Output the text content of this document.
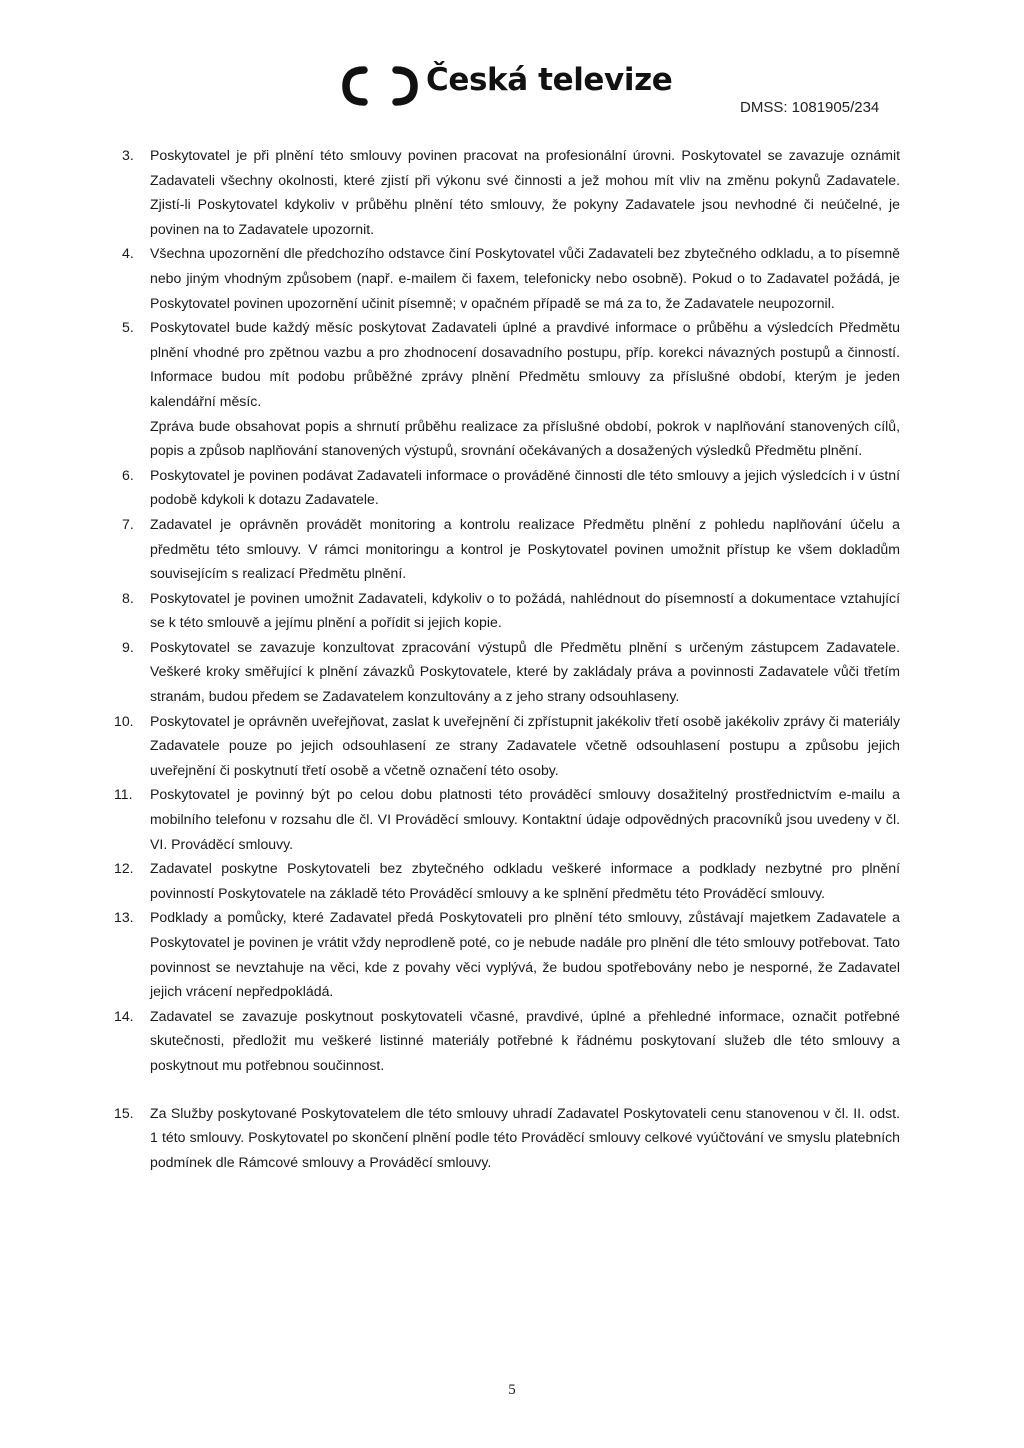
Česká televize
DMSS: 1081905/234
3. Poskytovatel je při plnění této smlouvy povinen pracovat na profesionální úrovni. Poskytovatel se zavazuje oznámit Zadavateli všechny okolnosti, které zjistí při výkonu své činnosti a jež mohou mít vliv na změnu pokynů Zadavatele. Zjistí-li Poskytovatel kdykoliv v průběhu plnění této smlouvy, že pokyny Zadavatele jsou nevhodné či neúčelné, je povinen na to Zadavatele upozornit.
4. Všechna upozornění dle předchozího odstavce činí Poskytovatel vůči Zadavateli bez zbytečného odkladu, a to písemně nebo jiným vhodným způsobem (např. e-mailem či faxem, telefonicky nebo osobně). Pokud o to Zadavatel požádá, je Poskytovatel povinen upozornění učinit písemně; v opačném případě se má za to, že Zadavatele neupozornil.
5. Poskytovatel bude každý měsíc poskytovat Zadavateli úplné a pravdivé informace o průběhu a výsledcích Předmětu plnění vhodné pro zpětnou vazbu a pro zhodnocení dosavadního postupu, příp. korekci návazných postupů a činností. Informace budou mít podobu průběžné zprávy plnění Předmětu smlouvy za příslušné období, kterým je jeden kalendářní měsíc.
Zpráva bude obsahovat popis a shrnutí průběhu realizace za příslušné období, pokrok v naplňování stanovených cílů, popis a způsob naplňování stanovených výstupů, srovnání očekávaných a dosažených výsledků Předmětu plnění.
6. Poskytovatel je povinen podávat Zadavateli informace o prováděné činnosti dle této smlouvy a jejich výsledcích i v ústní podobě kdykoli k dotazu Zadavatele.
7. Zadavatel je oprávněn provádět monitoring a kontrolu realizace Předmětu plnění z pohledu naplňování účelu a předmětu této smlouvy. V rámci monitoringu a kontrol je Poskytovatel povinen umožnit přístup ke všem dokladům souvisejícím s realizací Předmětu plnění.
8. Poskytovatel je povinen umožnit Zadavateli, kdykoliv o to požádá, nahlédnout do písemností a dokumentace vztahující se k této smlouvě a jejímu plnění a pořídit si jejich kopie.
9. Poskytovatel se zavazuje konzultovat zpracování výstupů dle Předmětu plnění s určeným zástupcem Zadavatele. Veškeré kroky směřující k plnění závazků Poskytovatele, které by zakládaly práva a povinnosti Zadavatele vůči třetím stranám, budou předem se Zadavatelem konzultovány a z jeho strany odsouhlaseny.
10. Poskytovatel je oprávněn uveřejňovat, zaslat k uveřejnění či zpřístupnit jakékoliv třetí osobě jakékoliv zprávy či materiály Zadavatele pouze po jejich odsouhlasení ze strany Zadavatele včetně odsouhlasení postupu a způsobu jejich uveřejnění či poskytnutí třetí osobě a včetně označení této osoby.
11. Poskytovatel je povinný být po celou dobu platnosti této prováděcí smlouvy dosažitelný prostřednictvím e-mailu a mobilního telefonu v rozsahu dle čl. VI Prováděcí smlouvy. Kontaktní údaje odpovědných pracovníků jsou uvedeny v čl. VI. Prováděcí smlouvy.
12. Zadavatel poskytne Poskytovateli bez zbytečného odkladu veškeré informace a podklady nezbytné pro plnění povinností Poskytovatele na základě této Prováděcí smlouvy a ke splnění předmětu této Prováděcí smlouvy.
13. Podklady a pomůcky, které Zadavatel předá Poskytovateli pro plnění této smlouvy, zůstávají majetkem Zadavatele a Poskytovatel je povinen je vrátit vždy neprodleně poté, co je nebude nadále pro plnění dle této smlouvy potřebovat. Tato povinnost se nevztahuje na věci, kde z povahy věci vyplývá, že budou spotřebovány nebo je nesporné, že Zadavatel jejich vrácení nepředpokládá.
14. Zadavatel se zavazuje poskytnout poskytovateli včasné, pravdivé, úplné a přehledné informace, označit potřebné skutečnosti, předložit mu veškeré listinné materiály potřebné k řádnému poskytovaní služeb dle této smlouvy a poskytnout mu potřebnou součinnost.
15. Za Služby poskytované Poskytovatelem dle této smlouvy uhradí Zadavatel Poskytovateli cenu stanovenou v čl. II. odst. 1 této smlouvy. Poskytovatel po skončení plnění podle této Prováděcí smlouvy celkové vyúčtování ve smyslu platebních podmínek dle Rámcové smlouvy a Prováděcí smlouvy.
5
